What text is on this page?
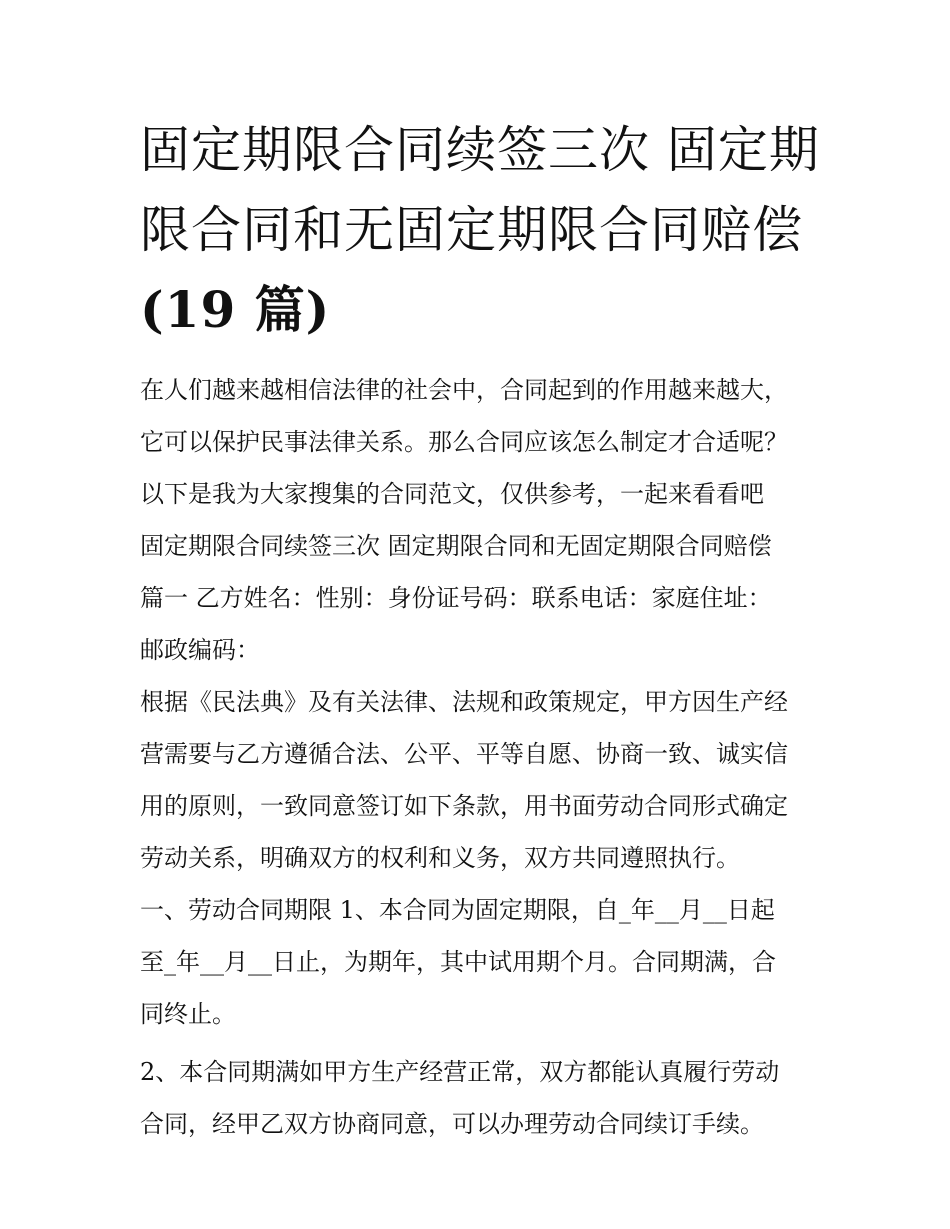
固定期限合同续签三次 固定期
限合同和无固定期限合同赔偿
(19 篇)

在人们越来越相信法律的社会中，合同起到的作用越来越大，
它可以保护民事法律关系。那么合同应该怎么制定才合适呢？
以下是我为大家搜集的合同范文，仅供参考，一起来看看吧

固定期限合同续签三次 固定期限合同和无固定期限合同赔偿

篇一 乙方姓名：性别：身份证号码：联系电话：家庭住址：
邮政编码：

根据《民法典》及有关法律、法规和政策规定，甲方因生产经
营需要与乙方遵循合法、公平、平等自愿、协商一致、诚实信
用的原则，一致同意签订如下条款，用书面劳动合同形式确定
劳动关系，明确双方的权利和义务，双方共同遵照执行。

一、劳动合同期限 1、本合同为固定期限，自_年__月__日起
至_年__月__日止，为期年，其中试用期个月。合同期满，合
同终止。

2、本合同期满如甲方生产经营正常，双方都能认真履行劳动
合同，经甲乙双方协商同意，可以办理劳动合同续订手续。
